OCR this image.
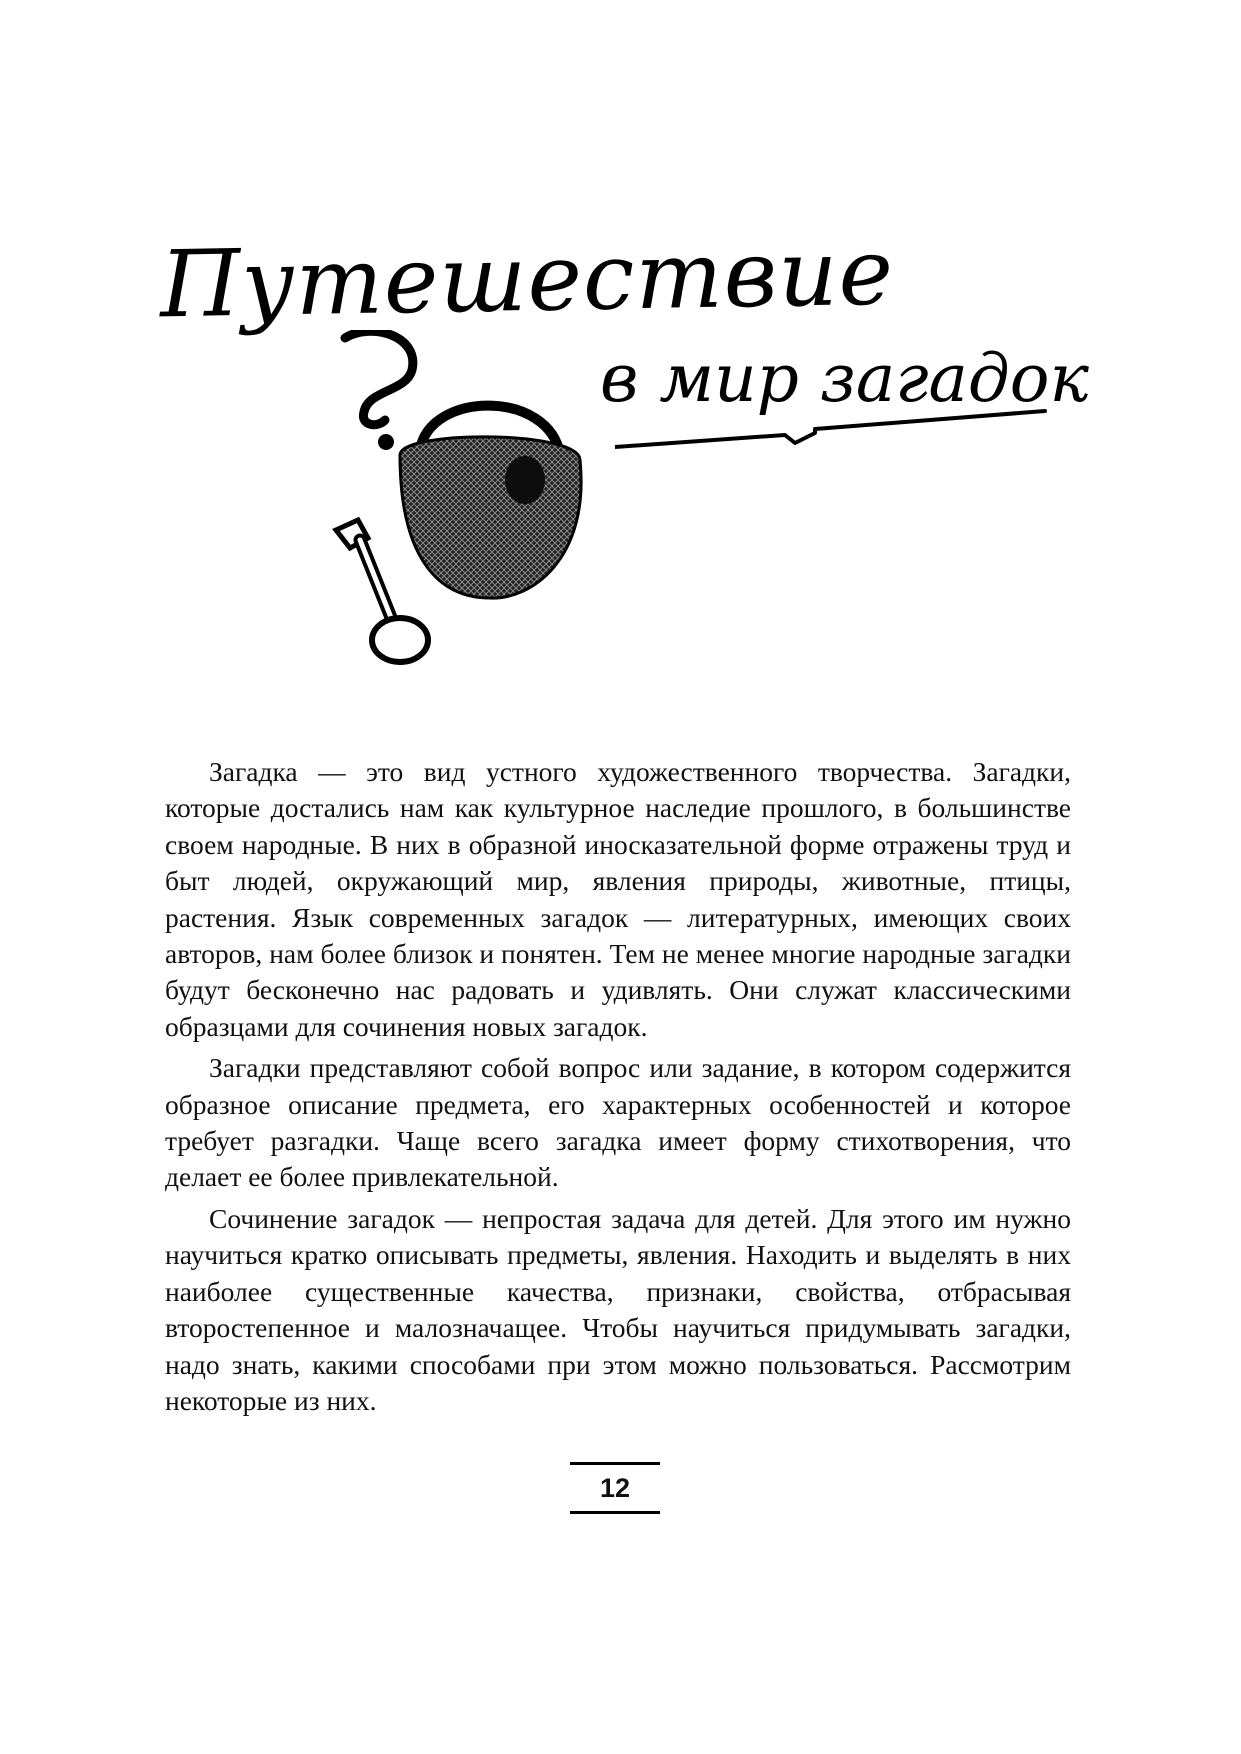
Путешествие
в мир загадок

Загадка — это вид устного художественного творчества. Загадки, которые достались нам как культурное наследие прошлого, в большинстве своем народные. В них в образной иносказательной форме отражены труд и быт людей, окружающий мир, явления природы, животные, птицы, растения. Язык современных загадок — литературных, имеющих своих авторов, нам более близок и понятен. Тем не менее многие народные загадки будут бесконечно нас радовать и удивлять. Они служат классическими образцами для сочинения новых загадок.

Загадки представляют собой вопрос или задание, в котором содержится образное описание предмета, его характерных особенностей и которое требует разгадки. Чаще всего загадка имеет форму стихотворения, что делает ее более привлекательной.

Сочинение загадок — непростая задача для детей. Для этого им нужно научиться кратко описывать предметы, явления. Находить и выделять в них наиболее существенные качества, признаки, свойства, отбрасывая второстепенное и малозначащее. Чтобы научиться придумывать загадки, надо знать, какими способами при этом можно пользоваться. Рассмотрим некоторые из них.

12
